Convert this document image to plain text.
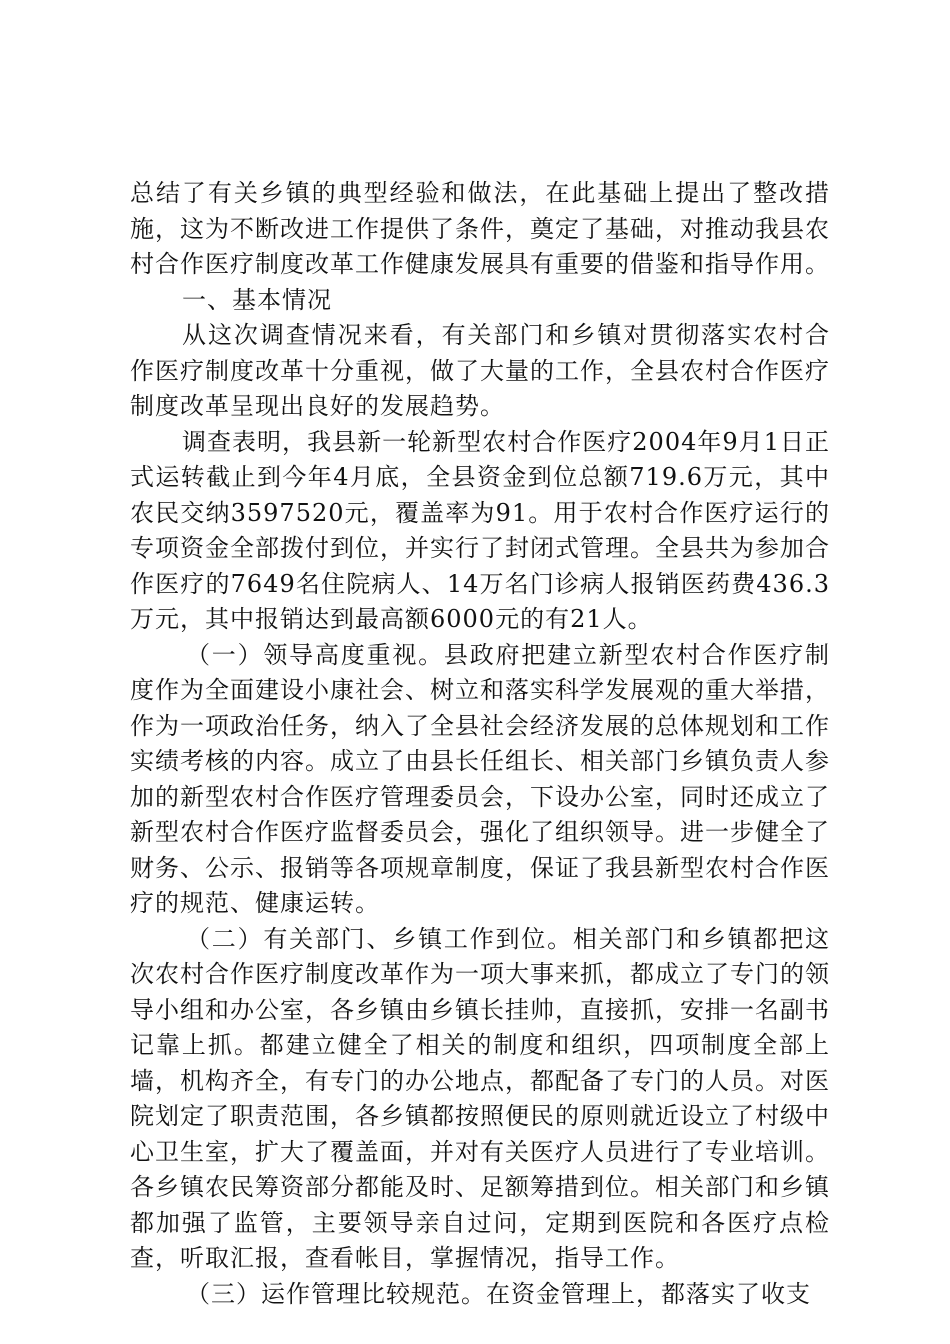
总结了有关乡镇的典型经验和做法，在此基础上提出了整改措施，这为不断改进工作提供了条件，奠定了基础，对推动我县农村合作医疗制度改革工作健康发展具有重要的借鉴和指导作用。

一、基本情况

从这次调查情况来看，有关部门和乡镇对贯彻落实农村合作医疗制度改革十分重视，做了大量的工作，全县农村合作医疗制度改革呈现出良好的发展趋势。

调查表明，我县新一轮新型农村合作医疗2004年9月1日正式运转截止到今年4月底，全县资金到位总额719.6万元，其中农民交纳3597520元，覆盖率为91。用于农村合作医疗运行的专项资金全部拨付到位，并实行了封闭式管理。全县共为参加合作医疗的7649名住院病人、14万名门诊病人报销医药费436.3万元，其中报销达到最高额6000元的有21人。

（一）领导高度重视。县政府把建立新型农村合作医疗制度作为全面建设小康社会、树立和落实科学发展观的重大举措，作为一项政治任务，纳入了全县社会经济发展的总体规划和工作实绩考核的内容。成立了由县长任组长、相关部门乡镇负责人参加的新型农村合作医疗管理委员会，下设办公室，同时还成立了新型农村合作医疗监督委员会，强化了组织领导。进一步健全了财务、公示、报销等各项规章制度，保证了我县新型农村合作医疗的规范、健康运转。

（二）有关部门、乡镇工作到位。相关部门和乡镇都把这次农村合作医疗制度改革作为一项大事来抓，都成立了专门的领导小组和办公室，各乡镇由乡镇长挂帅，直接抓，安排一名副书记靠上抓。都建立健全了相关的制度和组织，四项制度全部上墙，机构齐全，有专门的办公地点，都配备了专门的人员。对医院划定了职责范围，各乡镇都按照便民的原则就近设立了村级中心卫生室，扩大了覆盖面，并对有关医疗人员进行了专业培训。各乡镇农民筹资部分都能及时、足额筹措到位。相关部门和乡镇都加强了监管，主要领导亲自过问，定期到医院和各医疗点检查，听取汇报，查看帐目，掌握情况，指导工作。

（三）运作管理比较规范。在资金管理上，都落实了收支
